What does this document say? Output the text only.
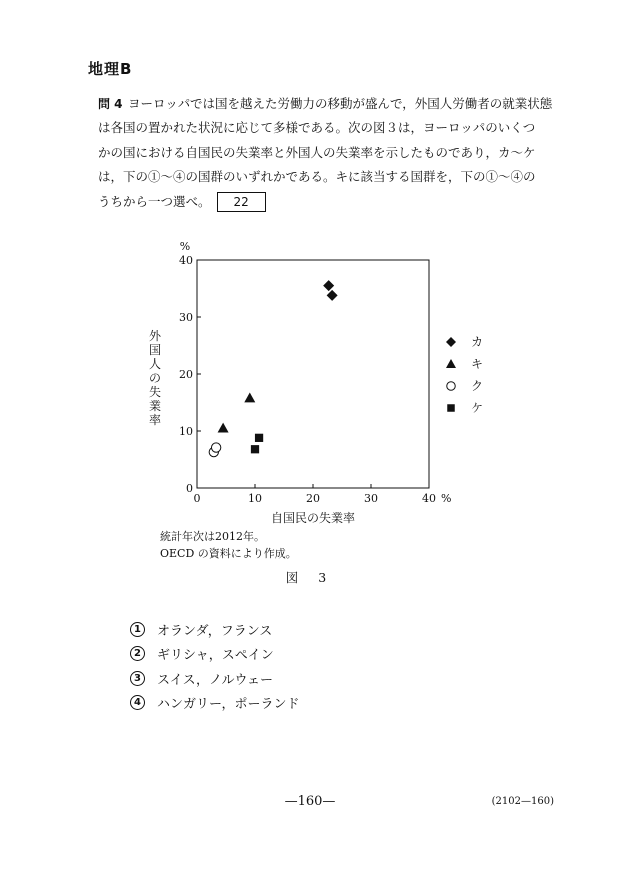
地理B
問 4 ヨーロッパでは国を越えた労働力の移動が盛んで，外国人労働者の就業状態
は各国の置かれた状況に応じて多様である。次の図３は，ヨーロッパのいくつ
かの国における自国民の失業率と外国人の失業率を示したものであり，カ～ケ
は，下の①～④の国群のいずれかである。キに該当する国群を，下の①～④の
うちから一つ選べ。 22
0	10	20	30	40 %
0
10
20
30
40
%
自国民の失業率
外
国
人
の
失
業
率
カ
キ
ク
ケ
統計年次は2012年。
OECD の資料により作成。
図 3
1	オランダ，フランス
2	ギリシャ，スペイン
3	スイス，ノルウェー
4	ハンガリー，ポーランド
—160—	(2102—160)
